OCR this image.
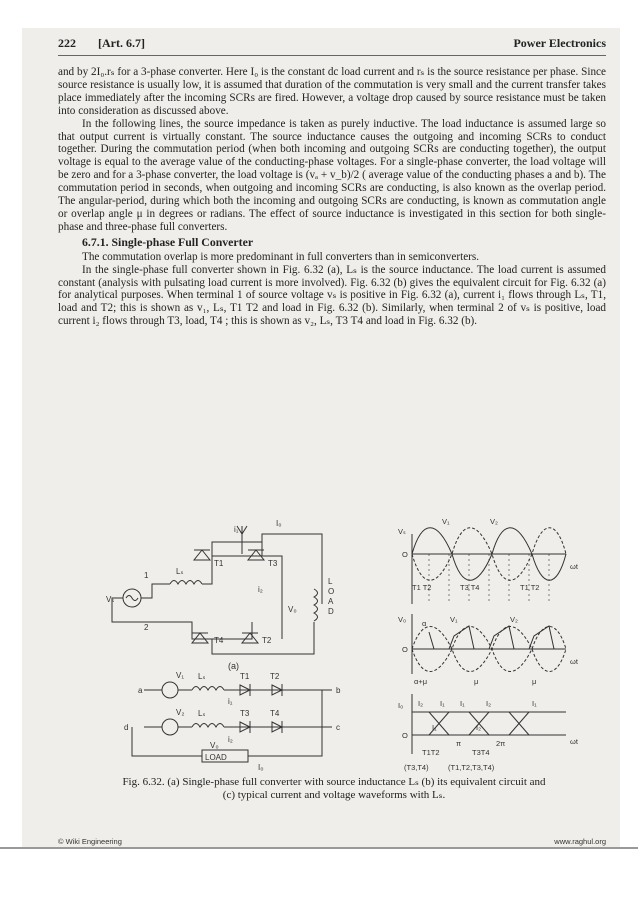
222 [Art. 6.7]	Power Electronics

and by 2I₀.rₛ for a 3-phase converter. Here I₀ is the constant dc load current and rₛ is the source resistance per phase. Since source resistance is usually low, it is assumed that duration of the commutation is very small and the current transfer takes place immediately after the incoming SCRs are fired. However, a voltage drop caused by source resistance must be taken into consideration as discussed above.

In the following lines, the source impedance is taken as purely inductive. The load inductance is assumed large so that output current is virtually constant. The source inductance causes the outgoing and incoming SCRs to conduct together. During the commutation period (when both incoming and outgoing SCRs are conducting together), the output voltage is equal to the average value of the conducting-phase voltages. For a single-phase converter, the load voltage will be zero and for a 3-phase converter, the load voltage is (vₐ + v_b)/2 ( average value of the conducting phases a and b). The commutation period in seconds, when outgoing and incoming SCRs are conducting, is also known as the overlap period. The angular-period, during which both the incoming and outgoing SCRs are conducting, is known as commutation angle or overlap angle μ in degrees or radians. The effect of source inductance is investigated in this section for both single-phase and three-phase full converters.

6.7.1. Single-phase Full Converter

The commutation overlap is more predominant in full converters than in semiconverters.

In the single-phase full converter shown in Fig. 6.32 (a), Lₛ is the source inductance. The load current is assumed constant (analysis with pulsating load current is more involved). Fig. 6.32 (b) gives the equivalent circuit for Fig. 6.32 (a) for analytical purposes. When terminal 1 of source voltage vₛ is positive in Fig. 6.32 (a), current i₁ flows through Lₛ, T1, load and T2; this is shown as v₁, Lₛ, T1 T2 and load in Fig. 6.32 (b). Similarly, when terminal 2 of vₛ is positive, load current i₂ flows through T3, load, T4 ; this is shown as v₂, Lₛ, T3 T4 and load in Fig. 6.32 (b).

i₁
I₀
T1	T3
i₂
1
Vₛ
2
T4	T2
V₀
L
O
A
D
Lₛ
(a)
a
V₁ Lₛ	T1	T2
b
i₁
V₂ Lₛ	T3	T4
c
d
i₂
V₀
LOAD
I₀
Vₛ
V₁	V₂
O
ωt
T1 T2	T3 T4	T1 T2
V₀ α	V₁	V₂
O
ωt
α+μ	μ	μ
I₀ I₂ I₁ I₁	I₂	I₁
O
I₁	I₂
π	2π	ωt
T1T2	T3T4
(T3,T4)	(T1,T2,T3,T4)
Fig. 6.32. (a) Single-phase full converter with source inductance Lₛ (b) its equivalent circuit and
(c) typical current and voltage waveforms with Lₛ.
© Wiki Engineering	www.raghul.org
